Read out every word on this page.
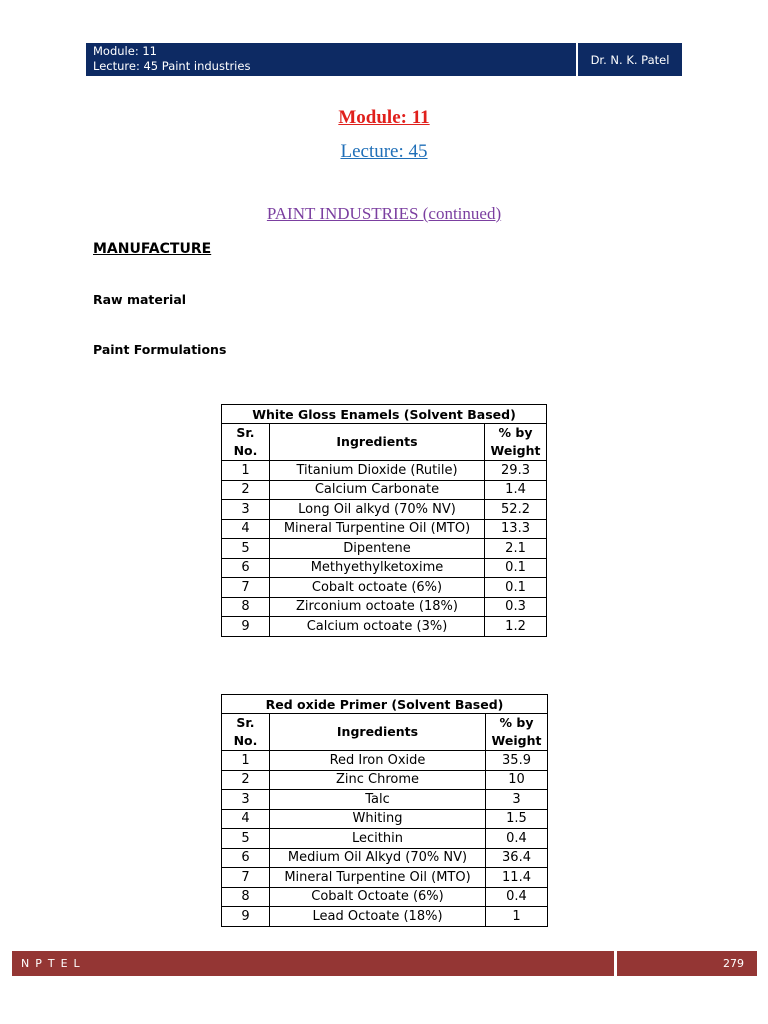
Module: 11
Lecture: 45 Paint industries	Dr. N. K. Patel
Module: 11
Lecture: 45
PAINT INDUSTRIES (continued)
MANUFACTURE
Raw material
Paint Formulations
White Gloss Enamels (Solvent Based)		
Sr.
No.	Ingredients	% by
Weight
1	Titanium Dioxide (Rutile)	29.3
2	Calcium Carbonate	1.4
3	Long Oil alkyd (70% NV)	52.2
4	Mineral Turpentine Oil (MTO)	13.3
5	Dipentene	2.1
6	Methyethylketoxime	0.1
7	Cobalt octoate (6%)	0.1
8	Zirconium octoate (18%)	0.3
9	Calcium octoate (3%)	1.2
Red oxide Primer (Solvent Based)		
Sr.
No.	Ingredients	% by
Weight
1	Red Iron Oxide	35.9
2	Zinc Chrome	10
3	Talc	3
4	Whiting	1.5
5	Lecithin	0.4
6	Medium Oil Alkyd (70% NV)	36.4
7	Mineral Turpentine Oil (MTO)	11.4
8	Cobalt Octoate (6%)	0.4
9	Lead Octoate (18%)	1
NPTEL	279
